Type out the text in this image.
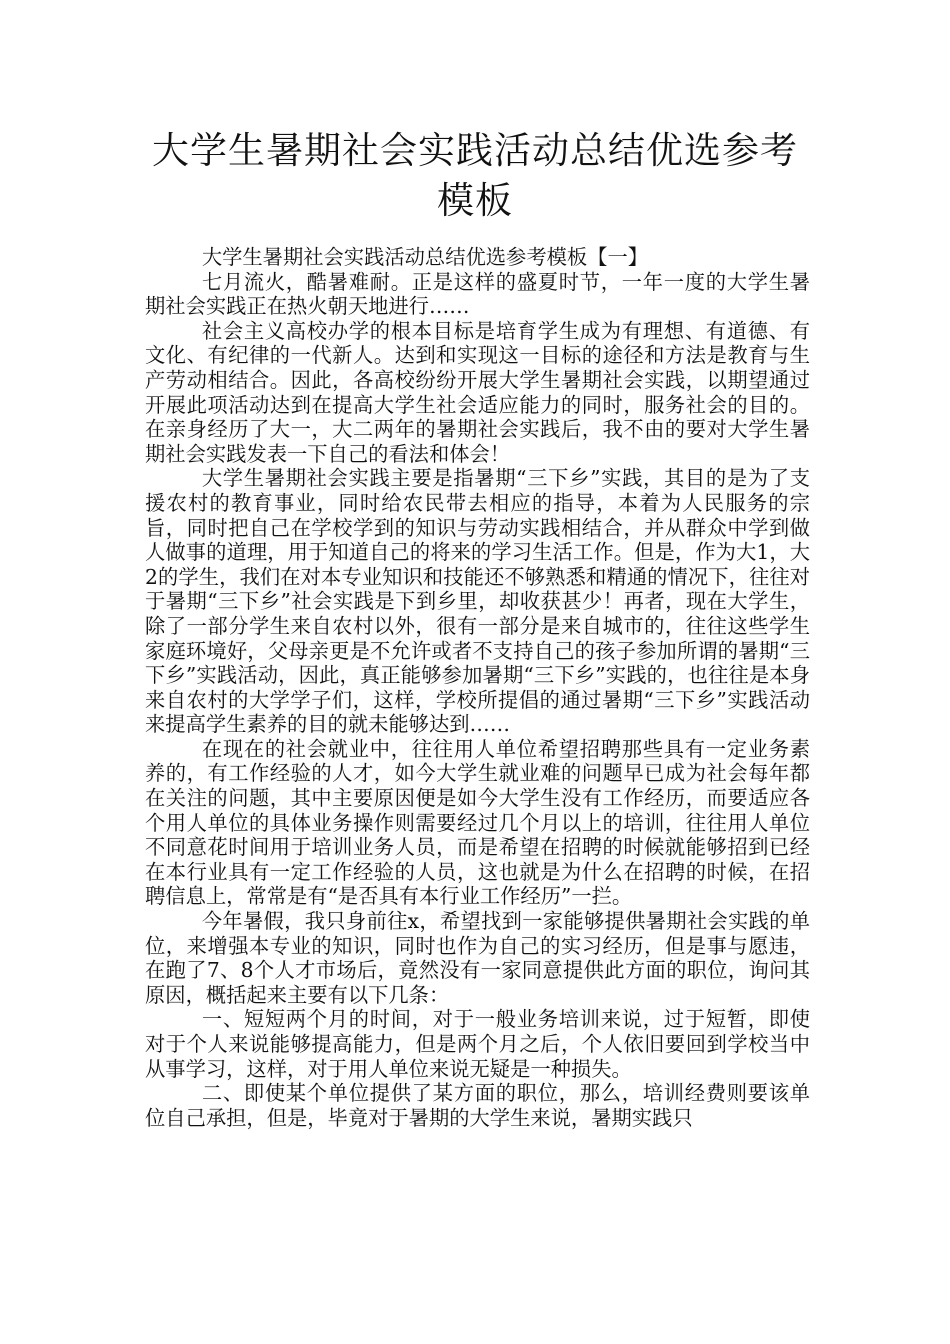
大学生暑期社会实践活动总结优选参考模板

大学生暑期社会实践活动总结优选参考模板【一】

七月流火，酷暑难耐。正是这样的盛夏时节，一年一度的大学生暑期社会实践正在热火朝天地进行……

社会主义高校办学的根本目标是培育学生成为有理想、有道德、有文化、有纪律的一代新人。达到和实现这一目标的途径和方法是教育与生产劳动相结合。因此，各高校纷纷开展大学生暑期社会实践，以期望通过开展此项活动达到在提高大学生社会适应能力的同时，服务社会的目的。在亲身经历了大一，大二两年的暑期社会实践后，我不由的要对大学生暑期社会实践发表一下自己的看法和体会！

大学生暑期社会实践主要是指暑期“三下乡”实践，其目的是为了支援农村的教育事业，同时给农民带去相应的指导，本着为人民服务的宗旨，同时把自己在学校学到的知识与劳动实践相结合，并从群众中学到做人做事的道理，用于知道自己的将来的学习生活工作。但是，作为大1，大2的学生，我们在对本专业知识和技能还不够熟悉和精通的情况下，往往对于暑期“三下乡”社会实践是下到乡里，却收获甚少！再者，现在大学生，除了一部分学生来自农村以外，很有一部分是来自城市的，往往这些学生家庭环境好，父母亲更是不允许或者不支持自己的孩子参加所谓的暑期“三下乡”实践活动，因此，真正能够参加暑期“三下乡”实践的，也往往是本身来自农村的大学学子们，这样，学校所提倡的通过暑期“三下乡”实践活动来提高学生素养的目的就未能够达到……

在现在的社会就业中，往往用人单位希望招聘那些具有一定业务素养的，有工作经验的人才，如今大学生就业难的问题早已成为社会每年都在关注的问题，其中主要原因便是如今大学生没有工作经历，而要适应各个用人单位的具体业务操作则需要经过几个月以上的培训，往往用人单位不同意花时间用于培训业务人员，而是希望在招聘的时候就能够招到已经在本行业具有一定工作经验的人员，这也就是为什么在招聘的时候，在招聘信息上，常常是有“是否具有本行业工作经历”一拦。

今年暑假，我只身前往x，希望找到一家能够提供暑期社会实践的单位，来增强本专业的知识，同时也作为自己的实习经历，但是事与愿违，在跑了7、8个人才市场后，竟然没有一家同意提供此方面的职位，询问其原因，概括起来主要有以下几条：

一、短短两个月的时间，对于一般业务培训来说，过于短暂，即使对于个人来说能够提高能力，但是两个月之后，个人依旧要回到学校当中从事学习，这样，对于用人单位来说无疑是一种损失。

二、即使某个单位提供了某方面的职位，那么，培训经费则要该单位自己承担，但是，毕竟对于暑期的大学生来说，暑期实践只
